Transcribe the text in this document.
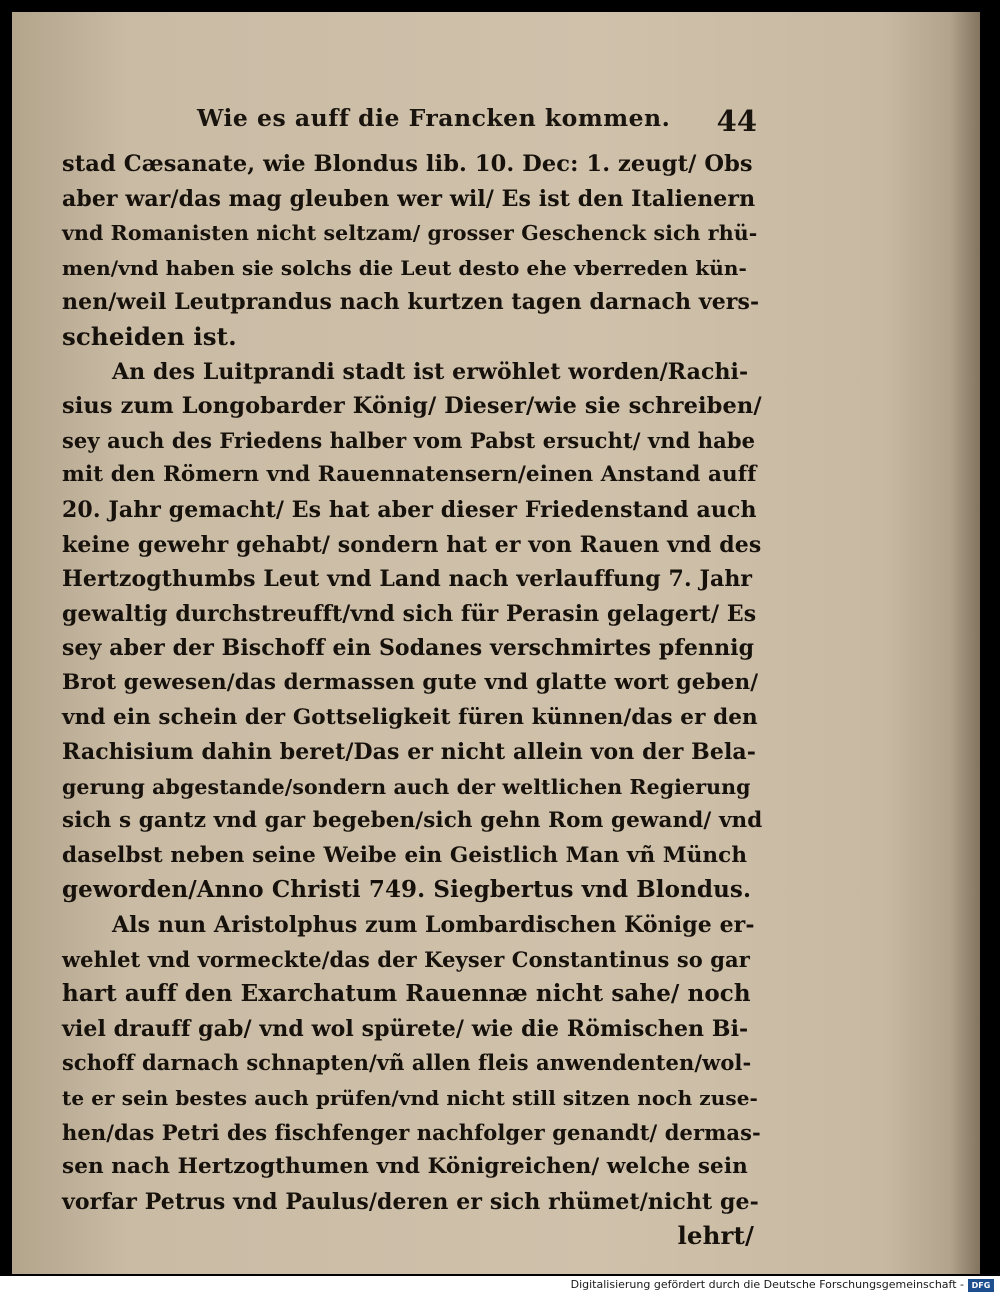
Wie es auff die Francken kommen. 44
stad Cæsanate, wie Blondus lib. 10. Dec: 1. zeugt/ Obs
aber war/das mag gleuben wer wil/ Es ist den Italienern
vnd Romanisten nicht seltzam/ grosser Geschenck sich rhü-
men/vnd haben sie solchs die Leut desto ehe vberreden kün-
nen/weil Leutprandus nach kurtzen tagen darnach vers-
scheiden ist.
An des Luitprandi stadt ist erwöhlet worden/Rachi-
sius zum Longobarder König/ Dieser/wie sie schreiben/
sey auch des Friedens halber vom Pabst ersucht/ vnd habe
mit den Römern vnd Rauennatensern/einen Anstand auff
20. Jahr gemacht/ Es hat aber dieser Friedenstand auch
keine gewehr gehabt/ sondern hat er von Rauen vnd des
Hertzogthumbs Leut vnd Land nach verlauffung 7. Jahr
gewaltig durchstreufft/vnd sich für Perasin gelagert/ Es
sey aber der Bischoff ein Sodanes verschmirtes pfennig
Brot gewesen/das dermassen gute vnd glatte wort geben/
vnd ein schein der Gottseligkeit füren künnen/das er den
Rachisium dahin beret/Das er nicht allein von der Bela-
gerung abgestande/sondern auch der weltlichen Regierung
sich s gantz vnd gar begeben/sich gehn Rom gewand/ vnd
daselbst neben seine Weibe ein Geistlich Man vñ Münch
geworden/Anno Christi 749. Siegbertus vnd Blondus.
Als nun Aristolphus zum Lombardischen Könige er-
wehlet vnd vormeckte/das der Keyser Constantinus so gar
hart auff den Exarchatum Rauennæ nicht sahe/ noch
viel drauff gab/ vnd wol spürete/ wie die Römischen Bi-
schoff darnach schnapten/vñ allen fleis anwendenten/wol-
te er sein bestes auch prüfen/vnd nicht still sitzen noch zuse-
hen/das Petri des fischfenger nachfolger genandt/ dermas-
sen nach Hertzogthumen vnd Königreichen/ welche sein
vorfar Petrus vnd Paulus/deren er sich rhümet/nicht ge-
lehrt/
Digitalisierung gefördert durch die Deutsche Forschungsgemeinschaft - DFG
